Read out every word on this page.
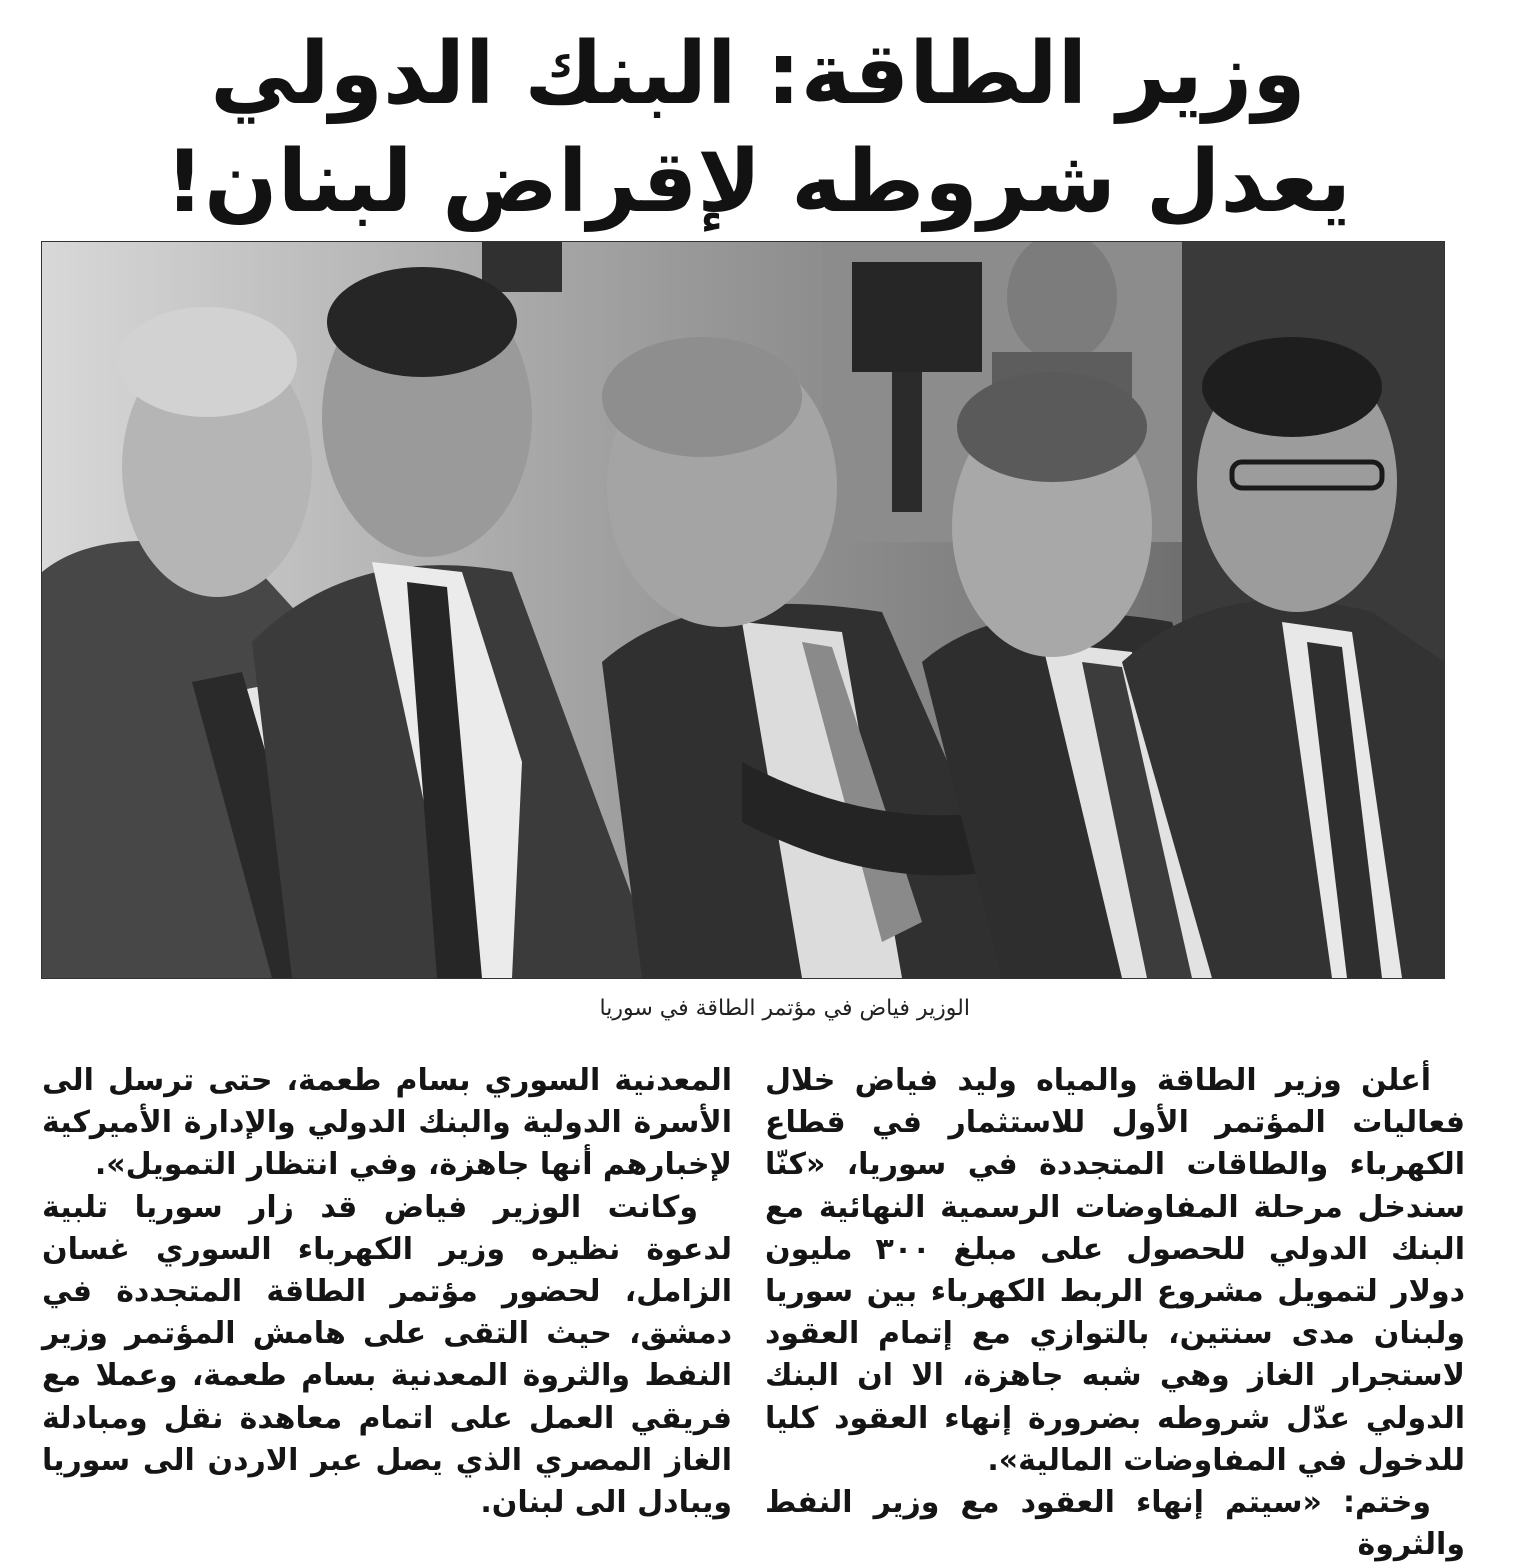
وزير الطاقة: البنك الدولي
يعدل شروطه لإقراض لبنان!
الوزير فياض في مؤتمر الطاقة في سوريا

أعلن وزير الطاقة والمياه وليد فياض خلال فعاليات المؤتمر الأول للاستثمار في قطاع الكهرباء والطاقات المتجددة في سوريا، «كنّا سندخل مرحلة المفاوضات الرسمية النهائية مع البنك الدولي للحصول على مبلغ ٣٠٠ مليون دولار لتمويل مشروع الربط الكهرباء بين سوريا ولبنان مدى سنتين، بالتوازي مع إتمام العقود لاستجرار الغاز وهي شبه جاهزة، الا ان البنك الدولي عدّل شروطه بضرورة إنهاء العقود كليا للدخول في المفاوضات المالية».

وختم: «سيتم إنهاء العقود مع وزير النفط والثروة

المعدنية السوري بسام طعمة، حتى ترسل الى الأسرة الدولية والبنك الدولي والإدارة الأميركية لإخبارهم أنها جاهزة، وفي انتظار التمويل».

وكانت الوزير فياض قد زار سوريا تلبية لدعوة نظيره وزير الكهرباء السوري غسان الزامل، لحضور مؤتمر الطاقة المتجددة في دمشق، حيث التقى على هامش المؤتمر وزير النفط والثروة المعدنية بسام طعمة، وعملا مع فريقي العمل على اتمام معاهدة نقل ومبادلة الغاز المصري الذي يصل عبر الاردن الى سوريا ويبادل الى لبنان.
